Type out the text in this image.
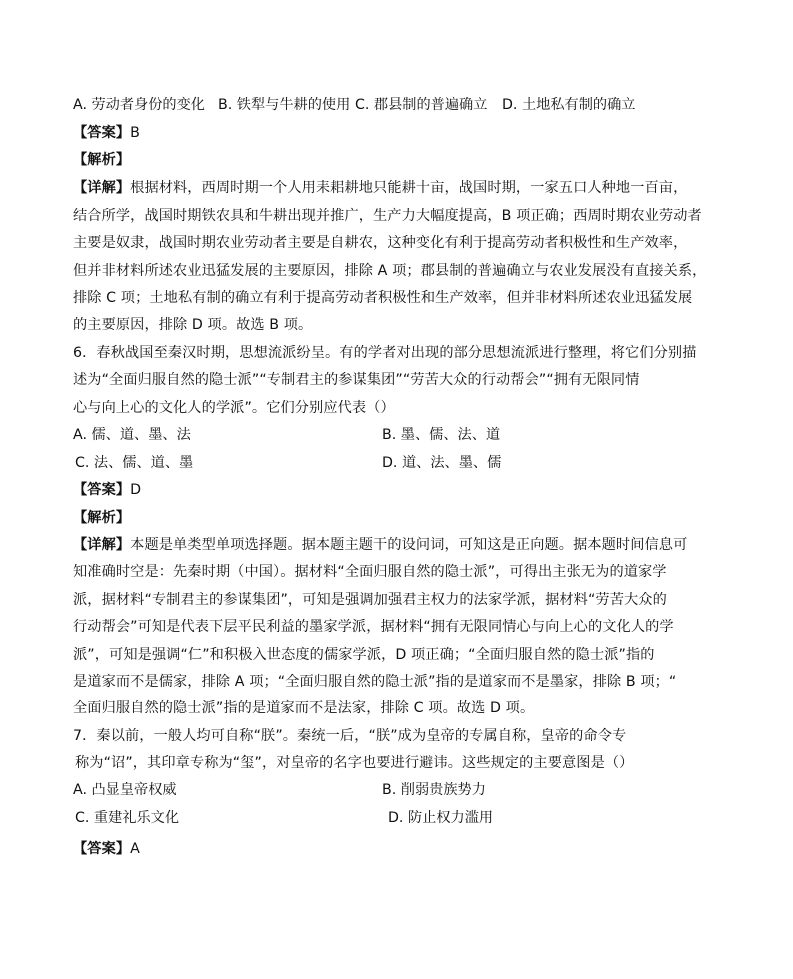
A. 劳动者身份的变化 B. 铁犁与牛耕的使用 C. 郡县制的普遍确立 D. 土地私有制的确立
【答案】B
【解析】
【详解】根据材料，西周时期一个人用耒耜耕地只能耕十亩，战国时期，一家五口人种地一百亩，
结合所学，战国时期铁农具和牛耕出现并推广，生产力大幅度提高，B 项正确；西周时期农业劳动者
主要是奴隶，战国时期农业劳动者主要是自耕农，这种变化有利于提高劳动者积极性和生产效率，
但并非材料所述农业迅猛发展的主要原因，排除 A 项；郡县制的普遍确立与农业发展没有直接关系，
排除 C 项；土地私有制的确立有利于提高劳动者积极性和生产效率，但并非材料所述农业迅猛发展
的主要原因，排除 D 项。故选 B 项。
6．春秋战国至秦汉时期，思想流派纷呈。有的学者对出现的部分思想流派进行整理，将它们分别描
述为“全面归服自然的隐士派”“专制君主的参谋集团”“劳苦大众的行动帮会”“拥有无限同情
心与向上心的文化人的学派”。它们分别应代表（）
A. 儒、道、墨、法	B. 墨、儒、法、道
C. 法、儒、道、墨	D. 道、法、墨、儒
【答案】D
【解析】
【详解】本题是单类型单项选择题。据本题主题干的设问词，可知这是正向题。据本题时间信息可
知准确时空是：先秦时期（中国）。据材料“全面归服自然的隐士派”，可得出主张无为的道家学
派，据材料“专制君主的参谋集团”，可知是强调加强君主权力的法家学派，据材料“劳苦大众的
行动帮会”可知是代表下层平民利益的墨家学派，据材料“拥有无限同情心与向上心的文化人的学
派”，可知是强调“仁”和积极入世态度的儒家学派，D 项正确；“全面归服自然的隐士派”指的
是道家而不是儒家，排除 A 项；“全面归服自然的隐士派”指的是道家而不是墨家，排除 B 项；“
全面归服自然的隐士派”指的是道家而不是法家，排除 C 项。故选 D 项。
7．秦以前，一般人均可自称“朕”。秦统一后，“朕”成为皇帝的专属自称，皇帝的命令专
称为“诏”，其印章专称为“玺”，对皇帝的名字也要进行避讳。这些规定的主要意图是（）
A. 凸显皇帝权威	B. 削弱贵族势力
C. 重建礼乐文化	D. 防止权力滥用
【答案】A
